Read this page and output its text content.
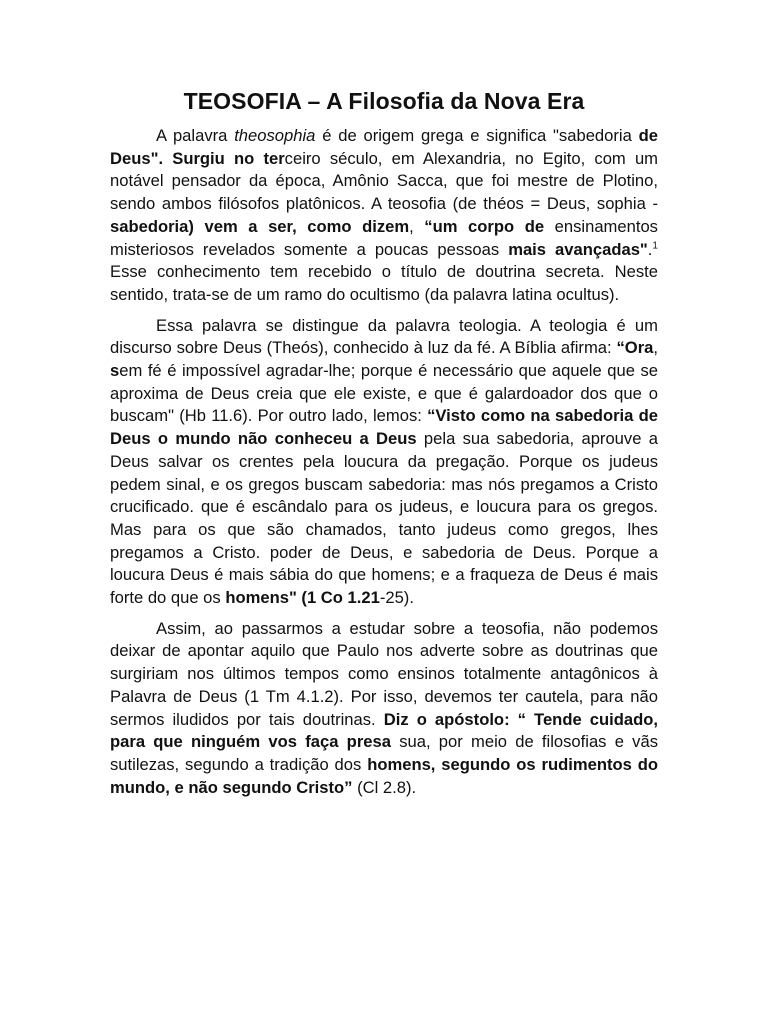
TEOSOFIA – A Filosofia da Nova Era

A palavra theosophia é de origem grega e significa "sabedoria de Deus". Surgiu no terceiro século, em Alexandria, no Egito, com um notável pensador da época, Amônio Sacca, que foi mestre de Plotino, sendo ambos filósofos platônicos. A teosofia (de théos = Deus, sophia - sabedoria) vem a ser, como dizem, “um corpo de ensinamentos misteriosos revelados somente a poucas pessoas mais avançadas".$^1$ Esse conhecimento tem recebido o título de doutrina secreta. Neste sentido, trata-se de um ramo do ocultismo (da palavra latina ocultus).

Essa palavra se distingue da palavra teologia. A teologia é um discurso sobre Deus (Theós), conhecido à luz da fé. A Bíblia afirma: “Ora, sem fé é impossível agradar-lhe; porque é necessário que aquele que se aproxima de Deus creia que ele existe, e que é galardoador dos que o buscam" (Hb 11.6). Por outro lado, lemos: “Visto como na sabedoria de Deus o mundo não conheceu a Deus pela sua sabedoria, aprouve a Deus salvar os crentes pela loucura da pregação. Porque os judeus pedem sinal, e os gregos buscam sabedoria: mas nós pregamos a Cristo crucificado. que é escândalo para os judeus, e loucura para os gregos. Mas para os que são chamados, tanto judeus como gregos, lhes pregamos a Cristo. poder de Deus, e sabedoria de Deus. Porque a loucura Deus é mais sábia do que homens; e a fraqueza de Deus é mais forte do que os homens" (1 Co 1.21-25).

Assim, ao passarmos a estudar sobre a teosofia, não podemos deixar de apontar aquilo que Paulo nos adverte sobre as doutrinas que surgiriam nos últimos tempos como ensinos totalmente antagônicos à Palavra de Deus (1 Tm 4.1.2). Por isso, devemos ter cautela, para não sermos iludidos por tais doutrinas. Diz o apóstolo: “ Tende cuidado, para que ninguém vos faça presa sua, por meio de filosofias e vãs sutilezas, segundo a tradição dos homens, segundo os rudimentos do mundo, e não segundo Cristo” (Cl 2.8).
